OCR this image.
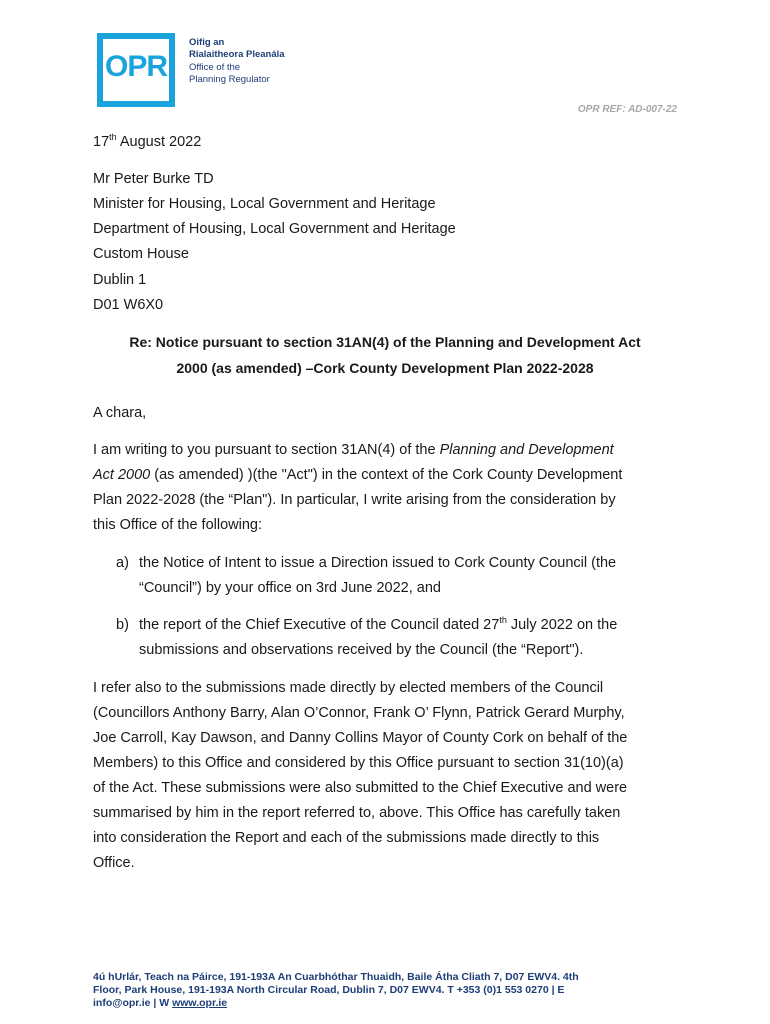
OPR
Oifig an
Rialaitheora Pleanála
Office of the
Planning Regulator
OPR REF: AD-007-22
17th August 2022
Mr Peter Burke TD
Minister for Housing, Local Government and Heritage
Department of Housing, Local Government and Heritage
Custom House
Dublin 1
D01 W6X0
Re: Notice pursuant to section 31AN(4) of the Planning and Development Act
2000 (as amended) –Cork County Development Plan 2022-2028
A chara,
I am writing to you pursuant to section 31AN(4) of the Planning and Development
Act 2000 (as amended) )(the "Act") in the context of the Cork County Development
Plan 2022-2028 (the “Plan"). In particular, I write arising from the consideration by
this Office of the following:
a) the Notice of Intent to issue a Direction issued to Cork County Council (the
“Council”) by your office on 3rd June 2022, and
b) the report of the Chief Executive of the Council dated 27th July 2022 on the
submissions and observations received by the Council (the “Report").
I refer also to the submissions made directly by elected members of the Council
(Councillors Anthony Barry, Alan O’Connor, Frank O’ Flynn, Patrick Gerard Murphy,
Joe Carroll, Kay Dawson, and Danny Collins Mayor of County Cork on behalf of the
Members) to this Office and considered by this Office pursuant to section 31(10)(a)
of the Act. These submissions were also submitted to the Chief Executive and were
summarised by him in the report referred to, above. This Office has carefully taken
into consideration the Report and each of the submissions made directly to this
Office.
4ú hUrlár, Teach na Páirce, 191-193A An Cuarbhóthar Thuaidh, Baile Átha Cliath 7, D07 EWV4. 4th
Floor, Park House, 191-193A North Circular Road, Dublin 7, D07 EWV4. T +353 (0)1 553 0270 | E
info@opr.ie | W www.opr.ie
